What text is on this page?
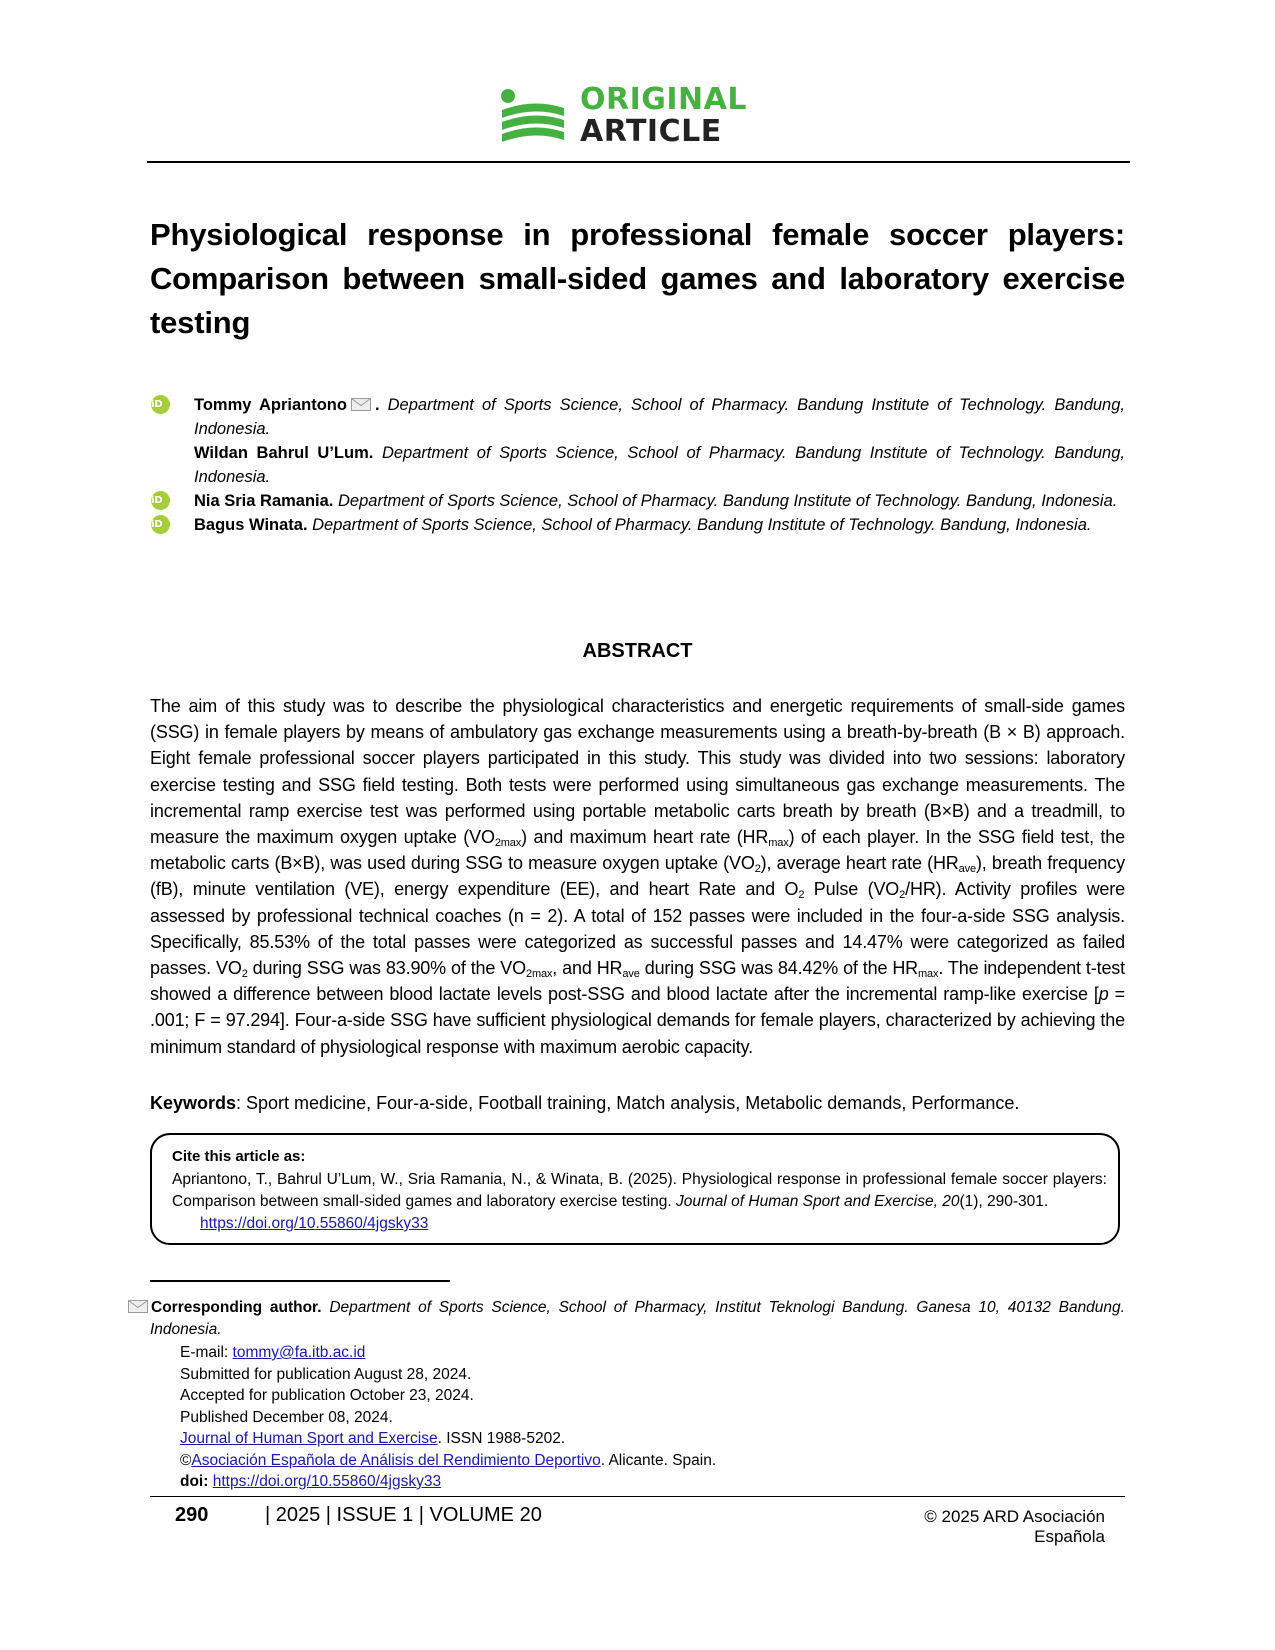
ORIGINAL
ARTICLE
Physiological response in professional female soccer players: Comparison between small-sided games and laboratory exercise testing
iD	Tommy Apriantono . Department of Sports Science, School of Pharmacy. Bandung Institute of Technology. Bandung, Indonesia.
Wildan Bahrul U’Lum. Department of Sports Science, School of Pharmacy. Bandung Institute of Technology. Bandung, Indonesia.
iD	Nia Sria Ramania. Department of Sports Science, School of Pharmacy. Bandung Institute of Technology. Bandung, Indonesia.
iD	Bagus Winata. Department of Sports Science, School of Pharmacy. Bandung Institute of Technology. Bandung, Indonesia.
ABSTRACT
The aim of this study was to describe the physiological characteristics and energetic requirements of small-side games (SSG) in female players by means of ambulatory gas exchange measurements using a breath-by-breath (B × B) approach. Eight female professional soccer players participated in this study. This study was divided into two sessions: laboratory exercise testing and SSG field testing. Both tests were performed using simultaneous gas exchange measurements. The incremental ramp exercise test was performed using portable metabolic carts breath by breath (B×B) and a treadmill, to measure the maximum oxygen uptake $(VO_{2max})$ and maximum heart rate $(HR_{max})$ of each player. In the SSG field test, the metabolic carts (B×B), was used during SSG to measure oxygen uptake $(VO_2)$, average heart rate $(HR_{ave})$, breath frequency (fB), minute ventilation (VE), energy expenditure (EE), and heart Rate and $O_2$ Pulse $(VO_2/HR)$. Activity profiles were assessed by professional technical coaches (n = 2). A total of 152 passes were included in the four-a-side SSG analysis. Specifically, 85.53% of the total passes were categorized as successful passes and 14.47% were categorized as failed passes. $VO_2$ during SSG was 83.90% of the $VO_{2max}$, and $HR_{ave}$ during SSG was 84.42% of the $HR_{max}$. The independent t-test showed a difference between blood lactate levels post-SSG and blood lactate after the incremental ramp-like exercise [p = .001; F = 97.294]. Four-a-side SSG have sufficient physiological demands for female players, characterized by achieving the minimum standard of physiological response with maximum aerobic capacity.
Keywords: Sport medicine, Four-a-side, Football training, Match analysis, Metabolic demands, Performance.
Cite this article as:
Apriantono, T., Bahrul U’Lum, W., Sria Ramania, N., & Winata, B. (2025). Physiological response in professional female soccer players: Comparison between small-sided games and laboratory exercise testing. Journal of Human Sport and Exercise, 20(1), 290-301.
https://doi.org/10.55860/4jgsky33
Corresponding author. Department of Sports Science, School of Pharmacy, Institut Teknologi Bandung. Ganesa 10, 40132 Bandung. Indonesia.
E-mail: tommy@fa.itb.ac.id
Submitted for publication August 28, 2024.
Accepted for publication October 23, 2024.
Published December 08, 2024.
Journal of Human Sport and Exercise. ISSN 1988-5202.
©Asociación Española de Análisis del Rendimiento Deportivo. Alicante. Spain.
doi: https://doi.org/10.55860/4jgsky33
290	| 2025 | ISSUE 1 | VOLUME 20	© 2025 ARD Asociación Española
